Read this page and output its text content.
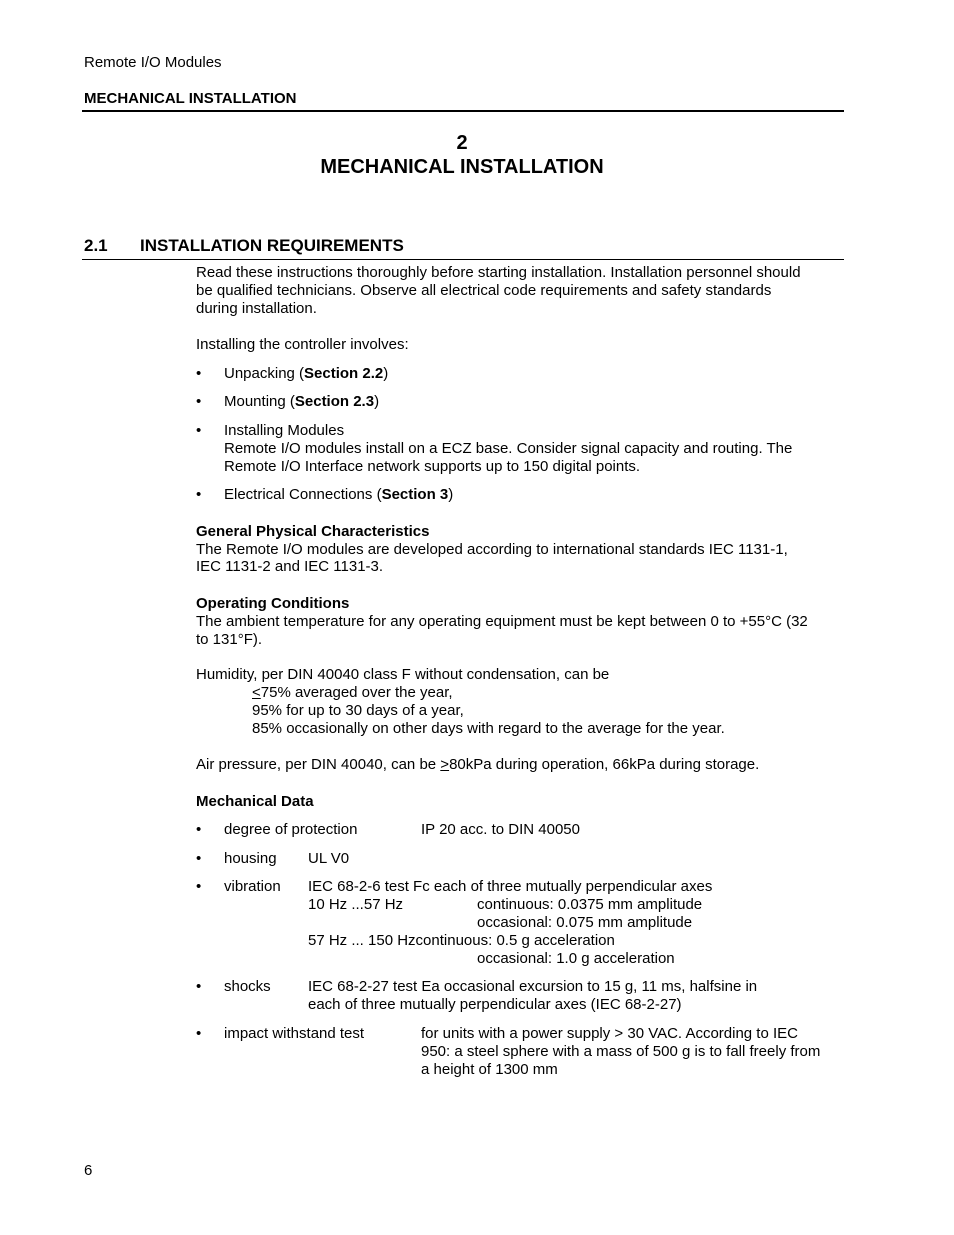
Remote I/O Modules
MECHANICAL INSTALLATION
2
MECHANICAL INSTALLATION
2.1 INSTALLATION REQUIREMENTS
Read these instructions thoroughly before starting installation. Installation personnel should
be qualified technicians. Observe all electrical code requirements and safety standards
during installation.
Installing the controller involves:
• Unpacking (Section 2.2)
• Mounting (Section 2.3)
• Installing Modules
Remote I/O modules install on a ECZ base. Consider signal capacity and routing. The
Remote I/O Interface network supports up to 150 digital points.
• Electrical Connections (Section 3)
General Physical Characteristics
The Remote I/O modules are developed according to international standards IEC 1131-1,
IEC 1131-2 and IEC 1131-3.
Operating Conditions
The ambient temperature for any operating equipment must be kept between 0 to +55°C (32
to 131°F).
Humidity, per DIN 40040 class F without condensation, can be
≤75% averaged over the year,
95% for up to 30 days of a year,
85% occasionally on other days with regard to the average for the year.
Air pressure, per DIN 40040, can be ≥80kPa during operation, 66kPa during storage.
Mechanical Data
• degree of protection	IP 20 acc. to DIN 40050
• housing UL V0
• vibration IEC 68-2-6 test Fc each of three mutually perpendicular axes
10 Hz ...57 Hz	continuous: 0.0375 mm amplitude
occasional: 0.075 mm amplitude
57 Hz ... 150 Hzcontinuous: 0.5 g acceleration
occasional: 1.0 g acceleration
• shocks IEC 68-2-27 test Ea occasional excursion to 15 g, 11 ms, halfsine in
each of three mutually perpendicular axes (IEC 68-2-27)
• impact withstand test	for units with a power supply > 30 VAC. According to IEC
950: a steel sphere with a mass of 500 g is to fall freely from
a height of 1300 mm
6
